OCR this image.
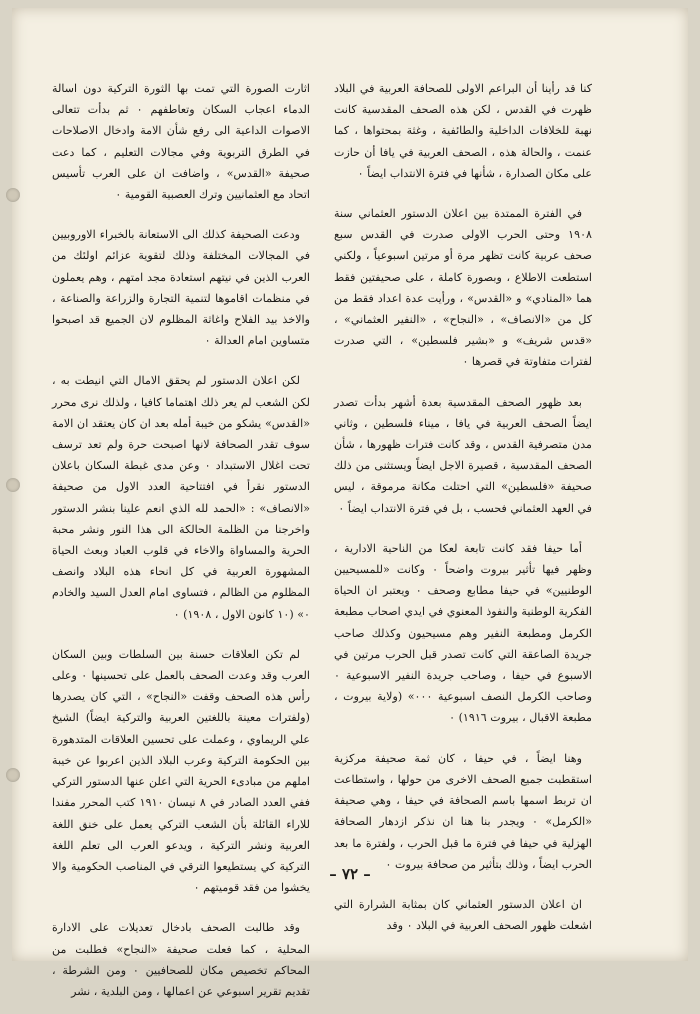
كنا قد رأينا أن البراعم الاولى للصحافة العربية في البلاد ظهرت في القدس ، لكن هذه الصحف المقدسية كانت نهبة للخلافات الداخلية والطائفية ، وغثة بمحتواها ، كما عنمت ، والحالة هذه ، الصحف العربية في يافا أن حازت على مكان الصدارة ، شأنها في فترة الانتداب ايضاً ٠

في الفترة الممتدة بين اعلان الدستور العثماني سنة ١٩٠٨ وحتى الحرب الاولى صدرت في القدس سبع صحف عربية كانت تظهر مرة أو مرتين اسبوعياً ، ولكني استطعت الاطلاع ، وبصورة كاملة ، على صحيفتين فقط هما «المنادي» و «القدس» ، ورأيت عدة اعداد فقط من كل من «الانصاف» ، «النجاح» ، «النفير العثماني» ، «قدس شريف» و «بشير فلسطين» ، التي صدرت لفترات متفاوتة في قصرها ٠

بعد ظهور الصحف المقدسية بعدة أشهر بدأت تصدر ايضاً الصحف العربية في يافا ، ميناء فلسطين ، وثاني مدن متصرفية القدس ، وقد كانت فترات ظهورها ، شأن الصحف المقدسية ، قصيرة الاجل ايضاً ويستثنى من ذلك صحيفة «فلسطين» التي احتلت مكانة مرموقة ، ليس في العهد العثماني فحسب ، بل في فترة الانتداب ايضاً ٠

أما حيفا فقد كانت تابعة لعكا من الناحية الادارية ، وظهر فيها تأثير بيروت واضحاً ٠ وكانت «للمسيحيين الوطنيين» في حيفا مطابع وصحف ٠ ويعتبر ان الحياة الفكرية الوطنية والنفوذ المعنوي في ايدي اصحاب مطبعة الكرمل ومطبعة النفير وهم مسيحيون وكذلك صاحب جريدة الصاعقة التي كانت تصدر قبل الحرب مرتين في الاسبوع في حيفا ، وصاحب جريدة النفير الاسبوعية ٠ وصاحب الكرمل النصف اسبوعية ٠٠٠» (ولاية بيروت ، مطبعة الاقبال ، بيروت ١٩١٦) ٠

وهنا ايضاً ، في حيفا ، كان ثمة صحيفة مركزية استقطبت جميع الصحف الاخرى من حولها ، واستطاعت ان تربط اسمها باسم الصحافة في حيفا ، وهي صحيفة «الكرمل» ٠ ويجدر بنا هنا ان نذكر ازدهار الصحافة الهزلية في حيفا في فترة ما قبل الحرب ، ولفترة ما بعد الحرب ايضاً ، وذلك بتأثير من صحافة بيروت ٠

ان اعلان الدستور العثماني كان بمثابة الشرارة التي اشعلت ظهور الصحف العربية في البلاد ٠ وقد

اثارت الصورة التي تمت بها الثورة التركية دون اسالة الدماء اعجاب السكان وتعاطفهم ٠ ثم بدأت تتعالى الاصوات الداعية الى رفع شأن الامة وادخال الاصلاحات في الطرق التربوية وفي مجالات التعليم ، كما دعت صحيفة «القدس» ، واضافت ان على العرب تأسيس اتحاد مع العثمانيين وترك العصبية القومية ٠

ودعت الصحيفة كذلك الى الاستعانة بالخبراء الاوروبيين في المجالات المختلفة وذلك لتقوية عزائم اولئك من العرب الذين في نيتهم استعادة مجد امتهم ، وهم يعملون في منظمات اقاموها لتنمية التجارة والزراعة والصناعة ، والاخذ بيد الفلاح واغاثة المظلوم لان الجميع قد اصبحوا متساوين امام العدالة ٠

لكن اعلان الدستور لم يحقق الامال التي انيطت به ، لكن الشعب لم يعر ذلك اهتماما كافيا ، ولذلك نرى محرر «القدس» يشكو من خيبة أمله بعد ان كان يعتقد ان الامة سوف تقدر الصحافة لانها اصبحت حرة ولم تعد ترسف تحت اغلال الاستبداد ٠ وعن مدى غبطة السكان باعلان الدستور نقرأ في افتتاحية العدد الاول من صحيفة «الانصاف» : «الحمد لله الذي انعم علينا بنشر الدستور واخرجنا من الظلمة الحالكة الى هذا النور ونشر محبة الحرية والمساواة والاخاء في قلوب العباد وبعث الحياة المشهورة العربية في كل انحاء هذه البلاد وانصف المظلوم من الظالم ، فتساوى امام العدل السيد والخادم ٠» (١٠ كانون الاول ، ١٩٠٨) ٠

لم تكن العلاقات حسنة بين السلطات وبين السكان العرب وقد وعدت الصحف بالعمل على تحسينها ٠ وعلى رأس هذه الصحف وقفت «النجاح» ، التي كان يصدرها (ولفترات معينة باللغتين العربية والتركية ايضاً) الشيخ علي الريماوي ، وعملت على تحسين العلاقات المتدهورة بين الحكومة التركية وعرب البلاد الذين اعربوا عن خيبة املهم من مبادىء الحرية التي اعلن عنها الدستور التركي ففي العدد الصادر في ٨ نيسان ١٩١٠ كتب المحرر مفندا للاراء القائلة بأن الشعب التركي يعمل على خنق اللغة العربية ونشر التركية ، ويدعو العرب الى تعلم اللغة التركية كي يستطيعوا الترقي في المناصب الحكومية والا يخشوا من فقد قوميتهم ٠

وقد طالبت الصحف بادخال تعديلات على الادارة المحلية ، كما فعلت صحيفة «النجاح» فطلبت من المحاكم تخصيص مكان للصحافيين ٠ ومن الشرطة ، تقديم تقرير اسبوعي عن اعمالها ، ومن البلدية ، نشر

– ٧٢ –
